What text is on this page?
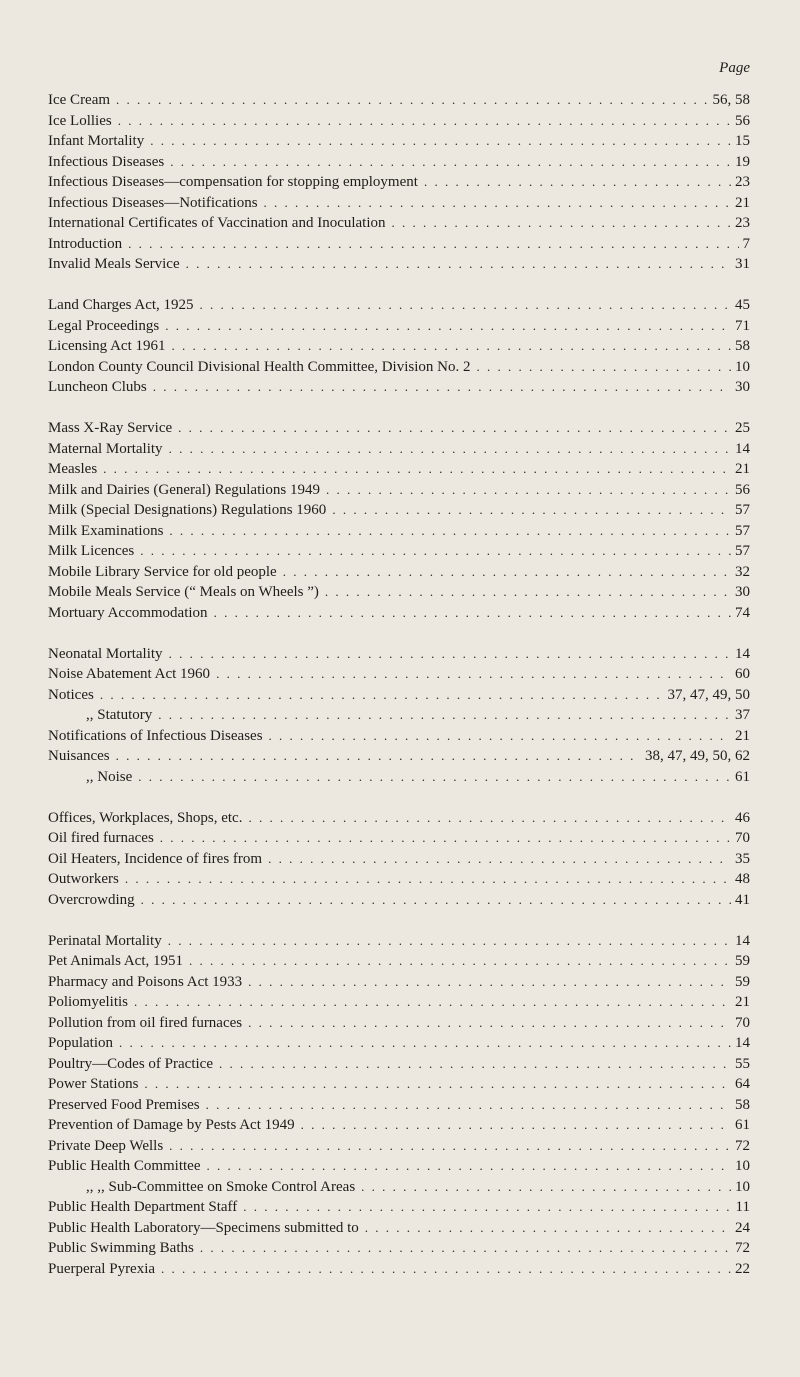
Page
Ice Cream . . .	56, 58
Ice Lollies . . .	56
Infant Mortality . . .	15
Infectious Diseases . . .	19
Infectious Diseases—compensation for stopping employment . . .	23
Infectious Diseases—Notifications . . .	21
International Certificates of Vaccination and Inoculation . . .	23
Introduction . . .	7
Invalid Meals Service . . .	31
Land Charges Act, 1925 . . .	45
Legal Proceedings . . .	71
Licensing Act 1961 . . .	58
London County Council Divisional Health Committee, Division No. 2 . . .	10
Luncheon Clubs . . .	30
Mass X-Ray Service . . .	25
Maternal Mortality . . .	14
Measles . . .	21
Milk and Dairies (General) Regulations 1949 . . .	56
Milk (Special Designations) Regulations 1960 . . .	57
Milk Examinations . . .	57
Milk Licences . . .	57
Mobile Library Service for old people . . .	32
Mobile Meals Service (“ Meals on Wheels ”) . . .	30
Mortuary Accommodation . . .	74
Neonatal Mortality . . .	14
Noise Abatement Act 1960 . . .	60
Notices . . .	37, 47, 49, 50
,, Statutory . . .	37
Notifications of Infectious Diseases . . .	21
Nuisances . . .	38, 47, 49, 50, 62
,, Noise . . .	61
Offices, Workplaces, Shops, etc. . . .	46
Oil fired furnaces . . .	70
Oil Heaters, Incidence of fires from . . .	35
Outworkers . . .	48
Overcrowding . . .	41
Perinatal Mortality . . .	14
Pet Animals Act, 1951 . . .	59
Pharmacy and Poisons Act 1933 . . .	59
Poliomyelitis . . .	21
Pollution from oil fired furnaces . . .	70
Population . . .	14
Poultry—Codes of Practice . . .	55
Power Stations . . .	64
Preserved Food Premises . . .	58
Prevention of Damage by Pests Act 1949 . . .	61
Private Deep Wells . . .	72
Public Health Committee . . .	10
,, ,, Sub-Committee on Smoke Control Areas . . .	10
Public Health Department Staff . . .	11
Public Health Laboratory—Specimens submitted to . . .	24
Public Swimming Baths . . .	72
Puerperal Pyrexia . . .	22
